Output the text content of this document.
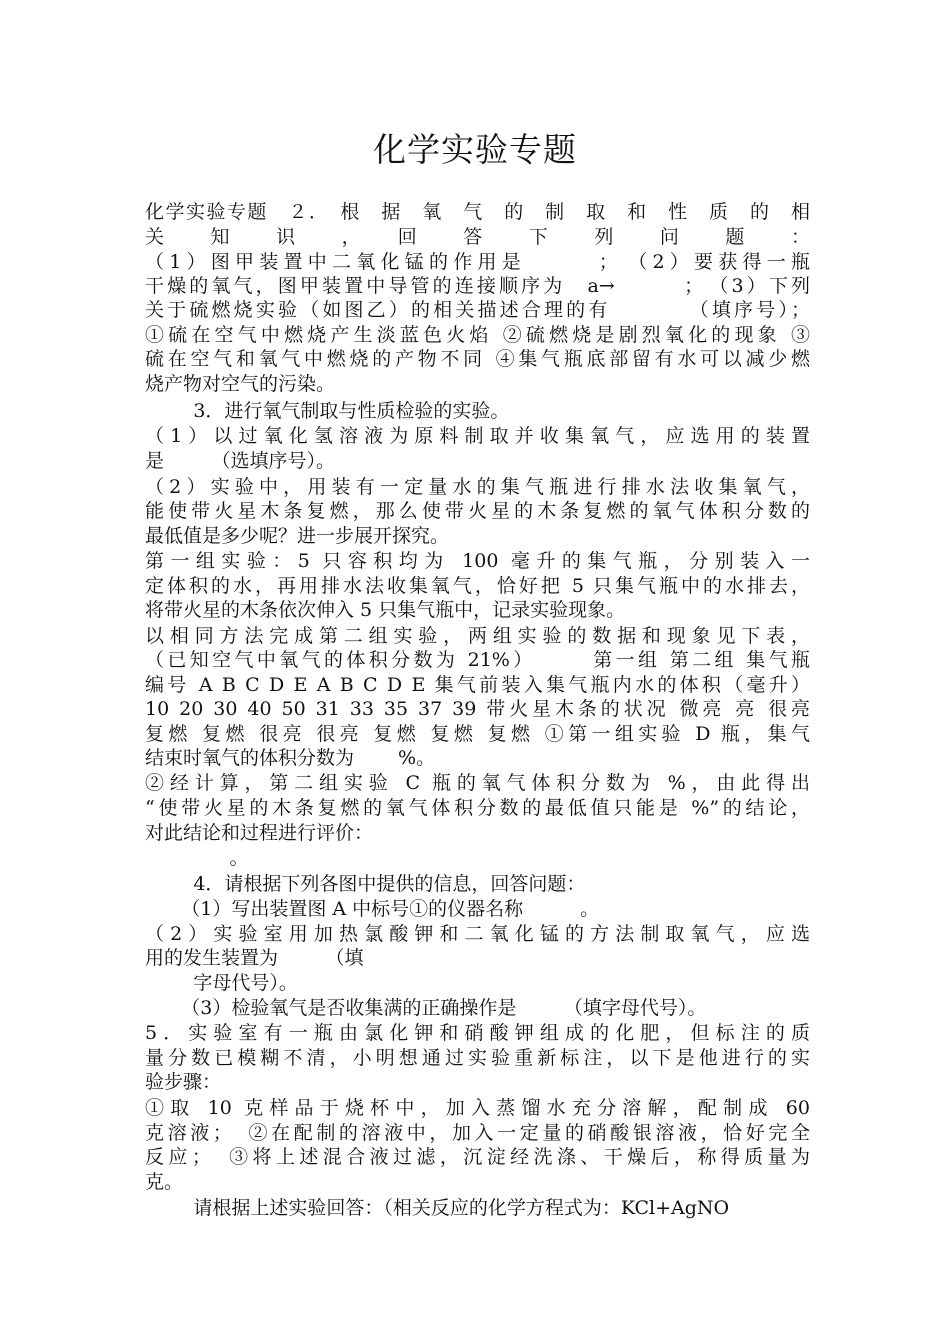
化学实验专题
化学实验专题　２．　根　据　氧　气　的　制　取　和　性　质　的　相
关　知　识　，　回　答　下　列　问　题　：
（1）图甲装置中二氧化锰的作用是　　　；　（2）要获得一瓶
干燥的氧气，图甲装置中导管的连接顺序为　a→　　　；　（3）下列
关于硫燃烧实验（如图乙）的相关描述合理的有　　　　（填序号）；
①硫在空气中燃烧产生淡蓝色火焰 ②硫燃烧是剧烈氧化的现象 ③
硫在空气和氧气中燃烧的产物不同 ④集气瓶底部留有水可以减少燃
烧产物对空气的污染。
3．进行氧气制取与性质检验的实验。
（1）以过氧化氢溶液为原料制取并收集氧气，应选用的装置
是　　　（选填序号）。
（2）实验中，用装有一定量水的集气瓶进行排水法收集氧气，
能使带火星木条复燃，那么使带火星的木条复燃的氧气体积分数的
最低值是多少呢？进一步展开探究。
第一组实验：5 只容积均为 100 毫升的集气瓶，分别装入一
定体积的水，再用排水法收集氧气，恰好把 5 只集气瓶中的水排去，
将带火星的木条依次伸入 5 只集气瓶中，记录实验现象。
以相同方法完成第二组实验，两组实验的数据和现象见下表，
（已知空气中氧气的体积分数为 21%）　　　第一组 第二组 集气瓶
编号 A B C D E A B C D E 集气前装入集气瓶内水的体积（毫升）
10 20 30 40 50 31 33 35 37 39 带火星木条的状况 微亮 亮 很亮
复燃 复燃 很亮 很亮 复燃 复燃 复燃 ①第一组实验 D 瓶，集气
结束时氧气的体积分数为　　 %。
②经计算，第二组实验 C 瓶的氧气体积分数为 %，由此得出
“使带火星的木条复燃的氧气体积分数的最低值只能是 %”的结论，
对此结论和过程进行评价：
。
4．请根据下列各图中提供的信息，回答问题：
（1）写出装置图 A 中标号①的仪器名称　　　。
（2）实验室用加热氯酸钾和二氧化锰的方法制取氧气，应选
用的发生装置为　　　（填
字母代号）。
（3）检验氧气是否收集满的正确操作是　　　（填字母代号）。
5．实验室有一瓶由氯化钾和硝酸钾组成的化肥，但标注的质
量分数已模糊不清，小明想通过实验重新标注，以下是他进行的实
验步骤：
①取 10 克样品于烧杯中，加入蒸馏水充分溶解，配制成 60
克溶液；　②在配制的溶液中，加入一定量的硝酸银溶液，恰好完全
反应；　③将上述混合液过滤，沉淀经洗涤、干燥后，称得质量为
克。
请根据上述实验回答：（相关反应的化学方程式为：KCl+AgNO
